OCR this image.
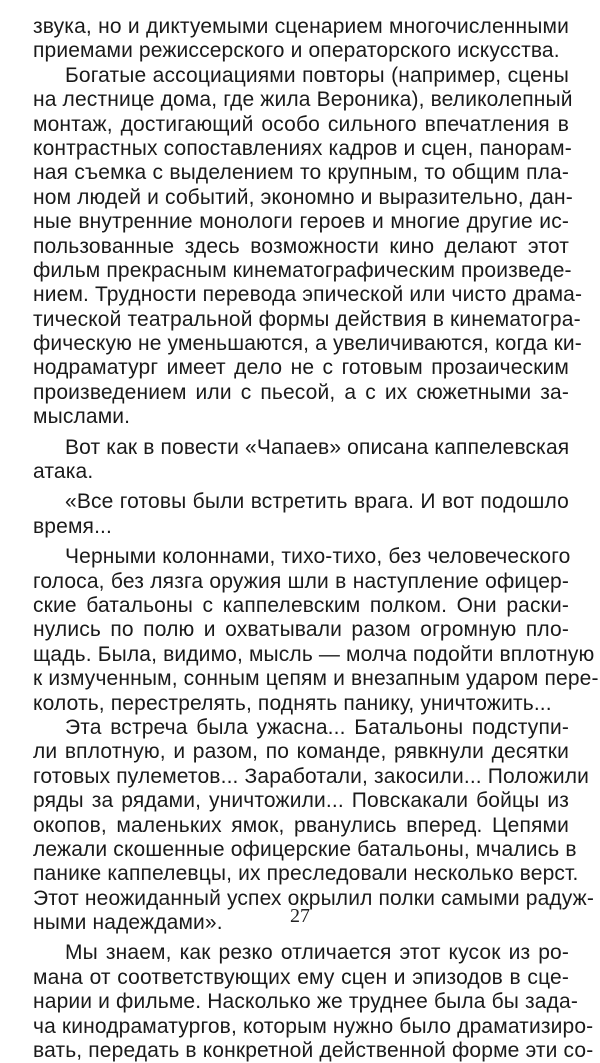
звука, но и диктуемыми сценарием многочисленными
приемами режиссерского и операторского искусства.
Богатые ассоциациями повторы (например, сцены
на лестнице дома, где жила Вероника), великолепный
монтаж, достигающий особо сильного впечатления в
контрастных сопоставлениях кадров и сцен, панорам-
ная съемка с выделением то крупным, то общим пла-
ном людей и событий, экономно и выразительно, дан-
ные внутренние монологи героев и многие другие ис-
пользованные здесь возможности кино делают этот
фильм прекрасным кинематографическим произведе-
нием. Трудности перевода эпической или чисто драма-
тической театральной формы действия в кинематогра-
фическую не уменьшаются, а увеличиваются, когда ки-
нодраматург имеет дело не с готовым прозаическим
произведением или с пьесой, а с их сюжетными за-
мыслами.
Вот как в повести «Чапаев» описана каппелевская
атака.
«Все готовы были встретить врага. И вот подошло
время...
Черными колоннами, тихо-тихо, без человеческого
голоса, без лязга оружия шли в наступление офицер-
ские батальоны с каппелевским полком. Они раски-
нулись по полю и охватывали разом огромную пло-
щадь. Была, видимо, мысль — молча подойти вплотную
к измученным, сонным цепям и внезапным ударом пере-
колоть, перестрелять, поднять панику, уничтожить...
Эта встреча была ужасна... Батальоны подступи-
ли вплотную, и разом, по команде, рявкнули десятки
готовых пулеметов... Заработали, закосили... Положили
ряды за рядами, уничтожили... Повскакали бойцы из
окопов, маленьких ямок, рванулись вперед. Цепями
лежали скошенные офицерские батальоны, мчались в
панике каппелевцы, их преследовали несколько верст.
Этот неожиданный успех окрылил полки самыми радуж-
ными надеждами».
Мы знаем, как резко отличается этот кусок из ро-
мана от соответствующих ему сцен и эпизодов в сце-
нарии и фильме. Насколько же труднее была бы зада-
ча кинодраматургов, которым нужно было драматизиро-
вать, передать в конкретной действенной форме эти со-
27
